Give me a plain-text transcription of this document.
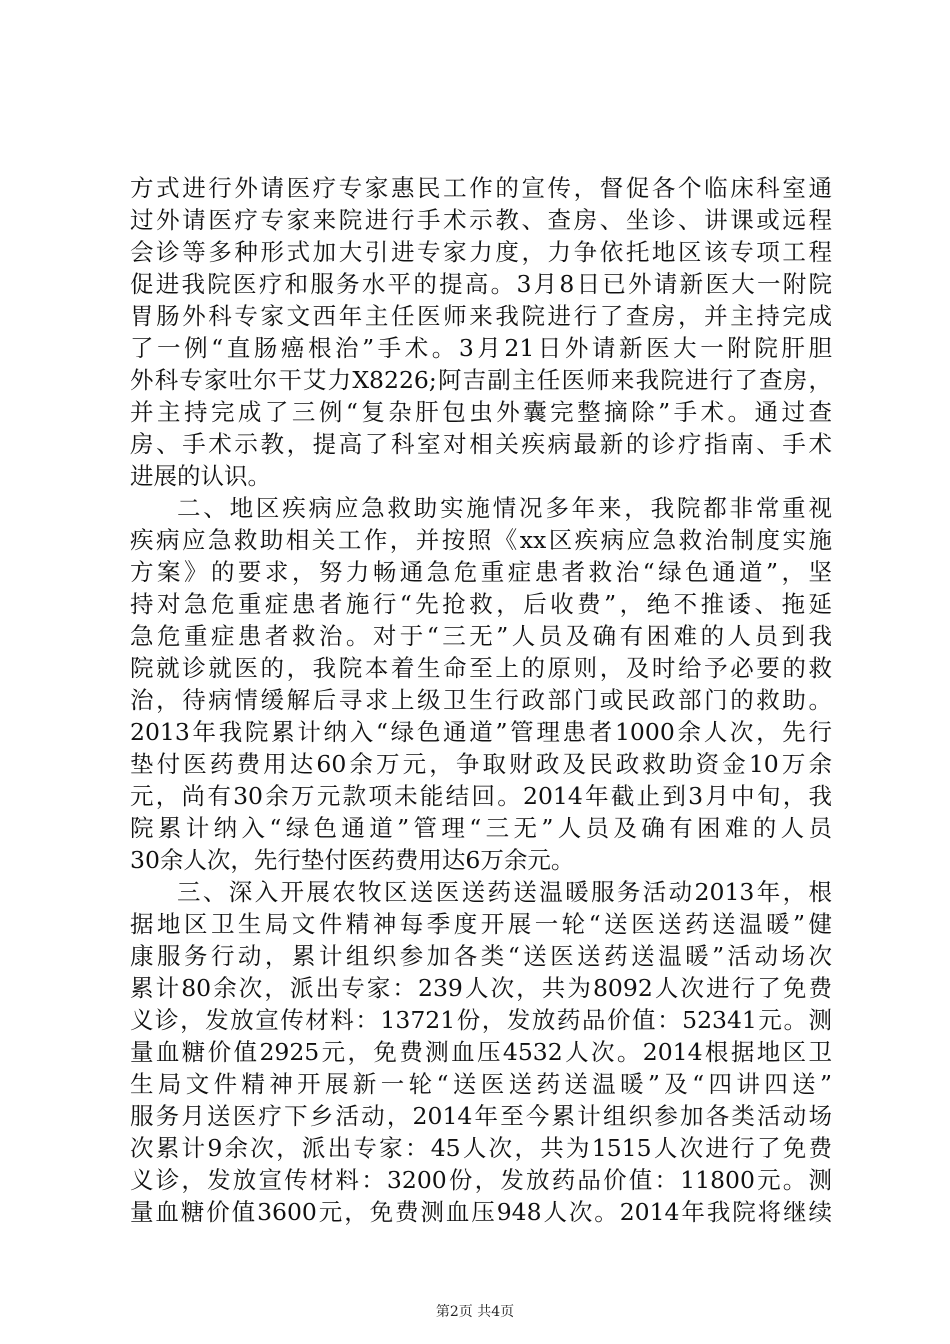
方式进行外请医疗专家惠民工作的宣传，督促各个临床科室通
过外请医疗专家来院进行手术示教、查房、坐诊、讲课或远程
会诊等多种形式加大引进专家力度，力争依托地区该专项工程
促进我院医疗和服务水平的提高。3月8日已外请新医大一附院
胃肠外科专家文西年主任医师来我院进行了查房，并主持完成
了一例“直肠癌根治”手术。3月21日外请新医大一附院肝胆
外科专家吐尔干艾力X8226;阿吉副主任医师来我院进行了查房，
并主持完成了三例“复杂肝包虫外囊完整摘除”手术。通过查
房、手术示教，提高了科室对相关疾病最新的诊疗指南、手术
进展的认识。
二、地区疾病应急救助实施情况多年来，我院都非常重视
疾病应急救助相关工作，并按照《xx区疾病应急救治制度实施
方案》的要求，努力畅通急危重症患者救治“绿色通道”，坚
持对急危重症患者施行“先抢救，后收费”，绝不推诿、拖延
急危重症患者救治。对于“三无”人员及确有困难的人员到我
院就诊就医的，我院本着生命至上的原则，及时给予必要的救
治，待病情缓解后寻求上级卫生行政部门或民政部门的救助。
2013年我院累计纳入“绿色通道”管理患者1000余人次，先行
垫付医药费用达60余万元，争取财政及民政救助资金10万余
元，尚有30余万元款项未能结回。2014年截止到3月中旬，我
院累计纳入“绿色通道”管理“三无”人员及确有困难的人员
30余人次，先行垫付医药费用达6万余元。
三、深入开展农牧区送医送药送温暖服务活动2013年，根
据地区卫生局文件精神每季度开展一轮“送医送药送温暖”健
康服务行动，累计组织参加各类“送医送药送温暖”活动场次
累计80余次，派出专家：239人次，共为8092人次进行了免费
义诊，发放宣传材料：13721份，发放药品价值：52341元。测
量血糖价值2925元，免费测血压4532人次。2014根据地区卫
生局文件精神开展新一轮“送医送药送温暖”及“四讲四送”
服务月送医疗下乡活动，2014年至今累计组织参加各类活动场
次累计9余次，派出专家：45人次，共为1515人次进行了免费
义诊，发放宣传材料：3200份，发放药品价值：11800元。测
量血糖价值3600元，免费测血压948人次。2014年我院将继续
第2页 共4页
